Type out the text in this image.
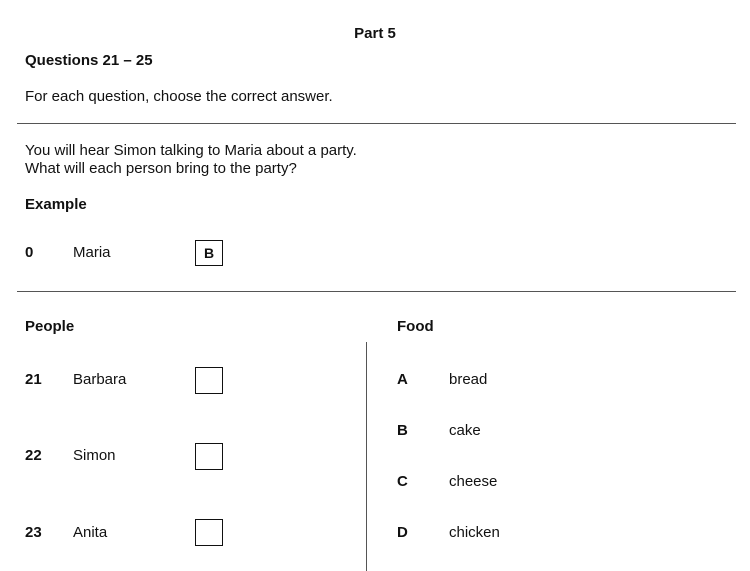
Part 5
Questions 21 – 25
For each question, choose the correct answer.
You will hear Simon talking to Maria about a party.
What will each person bring to the party?
Example
0	Maria	B
People	Food
21 Barbara
22 Simon
23 Anita
A	bread
B	cake
C	cheese
D	chicken
